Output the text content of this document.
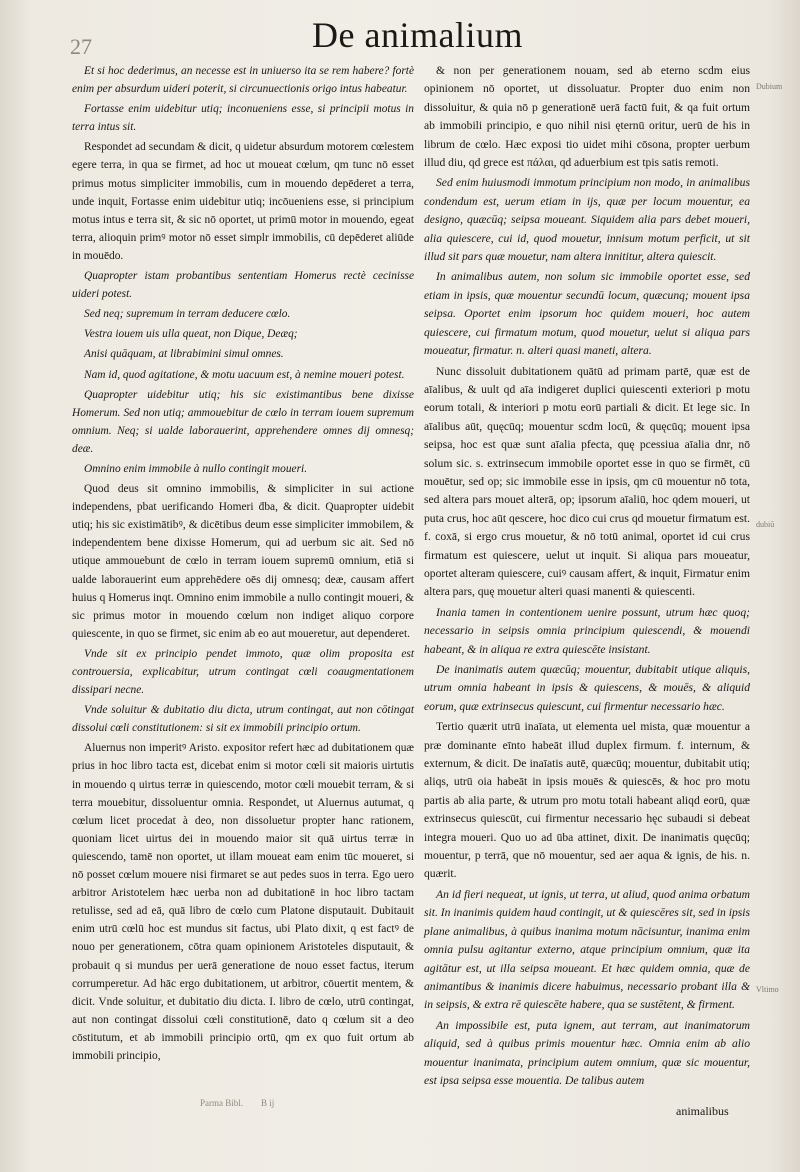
27	De animalium

Et si hoc dederimus, an necesse est in uniuerso ita se rem habere? fortè enim per absurdum uideri poterit, si circunuectionis origo intus habeatur.

Fortasse enim uidebitur utiq; inconueniens esse, si principii motus in terra intus sit.

Respondet ad secundam & dicit, q uidetur absurdum motorem cœlestem egere terra, in qua se firmet, ad hoc ut moueat cœlum, qm tunc nō esset primus motus simpliciter immobilis, cum in mouendo depēderet a terra, unde inquit, Fortasse enim uidebitur utiq; incōueniens esse, si principium motus intus e terra sit, & sic nō oportet, ut primū motor in mouendo, egeat terra, alioquin primꝰ motor nō esset simplr immobilis, cū depēderet aliūde in mouēdo.

Quapropter istam probantibus sententiam Homerus rectè cecinisse uideri potest.

Sed neq; supremum in terram deducere cœlo.

Vestra iouem uis ulla queat, non Dique, Deæq;

Anisi quāquam, at librabimini simul omnes.

Nam id, quod agitatione, & motu uacuum est, à nemine moueri potest.

Quapropter uidebitur utiq; his sic existimantibus bene dixisse Homerum. Sed non utiq; ammouebitur de cœlo in terram iouem supremum omnium. Neq; si ualde laborauerint, apprehendere omnes dij omnesq; deæ.

Omnino enim immobile à nullo contingit moueri.

Quod deus sit omnino immobilis, & simpliciter in sui actione independens, pbat uerificando Homeri ḋba, & dicit. Quapropter uidebit utiq; his sic existimātibꝰ, & dicētibus deum esse simpliciter immobilem, & independentem bene dixisse Homerum, qui ad uerbum sic ait. Sed nō utique ammouebunt de cœlo in terram iouem supremū omnium, etiā si ualde laborauerint eum apprehēdere oēs dij omnesq; deæ, causam affert huius q Homerus inqt. Omnino enim immobile a nullo contingit moueri, & sic primus motor in mouendo cœlum non indiget aliquo corpore quiescente, in quo se firmet, sic enim ab eo aut moueretur, aut dependeret.

Vnde sit ex principio pendet immoto, quæ olim proposita est controuersia, explicabitur, utrum contingat cœli coaugmentationem dissipari necne.

Vnde soluitur & dubitatio diu dicta, utrum contingat, aut non cōtingat dissolui cœli constitutionem: si sit ex immobili principio ortum.

Aluernus non imperitꝰ Aristo. expositor refert hæc ad dubitationem quæ prius in hoc libro tacta est, dicebat enim si motor cœli sit maioris uirtutis in mouendo q uirtus terræ in quiescendo, motor cœli mouebit terram, & si terra mouebitur, dissoluentur omnia. Respondet, ut Aluernus autumat, q cœlum licet procedat à deo, non dissoluetur propter hanc rationem, quoniam licet uirtus dei in mouendo maior sit quā uirtus terræ in quiescendo, tamē non oportet, ut illam moueat eam enim tūc moueret, si nō posset cœlum mouere nisi firmaret se aut pedes suos in terra. Ego uero arbitror Aristotelem hæc uerba non ad dubitationē in hoc libro tactam retulisse, sed ad eā, quā libro de cœlo cum Platone disputauit. Dubitauit enim utrū cœlū hoc est mundus sit factus, ubi Plato dixit, q est factꝰ de nouo per generationem, cōtra quam opinionem Aristoteles disputauit, & probauit q si mundus per uerā generatione de nouo esset factus, iterum corrumperetur. Ad hāc ergo dubitationem, ut arbitror, cōuertit mentem, & dicit. Vnde soluitur, et dubitatio diu dicta. I. libro de cœlo, utrū contingat, aut non contingat dissolui cœli constitutionē, dato q cœlum sit a deo cōstitutum, et ab immobili principio ortū, qm ex quo fuit ortum ab immobili principio,

& non per generationem nouam, sed ab eterno scdm eius opinionem nō oportet, ut dissoluatur. Propter duo enim non dissoluitur, & quia nō p generationē uerā factū fuit, & qa fuit ortum ab immobili principio, e quo nihil nisi ęternū oritur, uerū de his in librum de cœlo. Hæc exposi tio uidet mihi cōsona, propter uerbum illud diu, qd grece est πάλαι, qd aduerbium est tpis satis remoti.

Sed enim huiusmodi immotum principium non modo, in animalibus condendum est, uerum etiam in ijs, quæ per locum mouentur, ea designo, quæcūq; seipsa moueant. Siquidem alia pars debet moueri, alia quiescere, cui id, quod mouetur, innisum motum perficit, ut sit illud sit pars quæ mouetur, nam altera innititur, altera quiescit.

In animalibus autem, non solum sic immobile oportet esse, sed etiam in ipsis, quæ mouentur secundū locum, quæcunq; mouent ipsa seipsa. Oportet enim ipsorum hoc quidem moueri, hoc autem quiescere, cui firmatum motum, quod mouetur, uelut si aliqua pars moueatur, firmatur. n. alteri quasi maneti, altera.

Nunc dissoluit dubitationem quātū ad primam partē, quæ est de aīalibus, & uult qd aīa indigeret duplici quiescenti exteriori p motu eorum totali, & interiori p motu eorū partiali & dicit. Et lege sic. In aīalibus aūt, quęcūq; mouentur scdm locū, & quęcūq; mouent ipsa seipsa, hoc est quæ sunt aīalia pfecta, quę pcessiua aīalia dnr, nō solum sic. s. extrinsecum immobile oportet esse in quo se firmēt, cū mouētur, sed op; sic immobile esse in ipsis, qm cū mouentur nō tota, sed altera pars mouet alterā, op; ipsorum aīaliū, hoc qdem moueri, ut puta crus, hoc aūt qescere, hoc dico cui crus qd mouetur firmatum est. f. coxā, si ergo crus mouetur, & nō totū animal, oportet id cui crus firmatum est quiescere, uelut ut inquit. Si aliqua pars moueatur, oportet alteram quiescere, cuiꝰ causam affert, & inquit, Firmatur enim altera pars, quę mouetur alteri quasi manenti & quiescenti.

Inania tamen in contentionem uenire possunt, utrum hæc quoq; necessario in seipsis omnia principium quiescendi, & mouendi habeant, & in aliqua re extra quiescēte insistant.

De inanimatis autem quæcūq; mouentur, dubitabit utique aliquis, utrum omnia habeant in ipsis & quiescens, & mouēs, & aliquid eorum, quæ extrinsecus quiescunt, cui firmentur necessario hæc.

Tertio quærit utrū inaīata, ut elementa uel mista, quæ mouentur a præ dominante eīnto habeāt illud duplex firmum. f. internum, & externum, & dicit. De inaīatis autē, quæcūq; mouentur, dubitabit utiq; aliqs, utrū oia habeāt in ipsis mouēs & quiescēs, & hoc pro motu partis ab alia parte, & utrum pro motu totali habeant aliqd eorū, quæ extrinsecus quiescūt, cui firmentur necessario hęc subaudi si debeat integra moueri. Quo uo ad ūba attinet, dixit. De inanimatis quęcūq; mouentur, p terrā, que nō mouentur, sed aer aqua & ignis, de his. n. quærit.

An id fieri nequeat, ut ignis, ut terra, ut aliud, quod anima orbatum sit. In inanimis quidem haud contingit, ut & quiescēres sit, sed in ipsis plane animalibus, à quibus inanima motum nācisuntur, inanima enim omnia pulsu agitantur externo, atque principium omnium, quæ ita agitātur est, ut illa seipsa moueant. Et hæc quidem omnia, quæ de animantibus & inanimis dicere habuimus, necessario probant illa & in seipsis, & extra rē quiescēte habere, qua se sustētent, & firment.

An impossibile est, puta ignem, aut terram, aut inanimatorum aliquid, sed à quibus primis mouentur hæc. Omnia enim ab alio mouentur inanimata, principium autem omnium, quæ sic mouentur, est ipsa seipsa esse mouentia. De talibus autem

Dubium
dubiū
Vltimo
Parma Bibl. B ij
animalibus
